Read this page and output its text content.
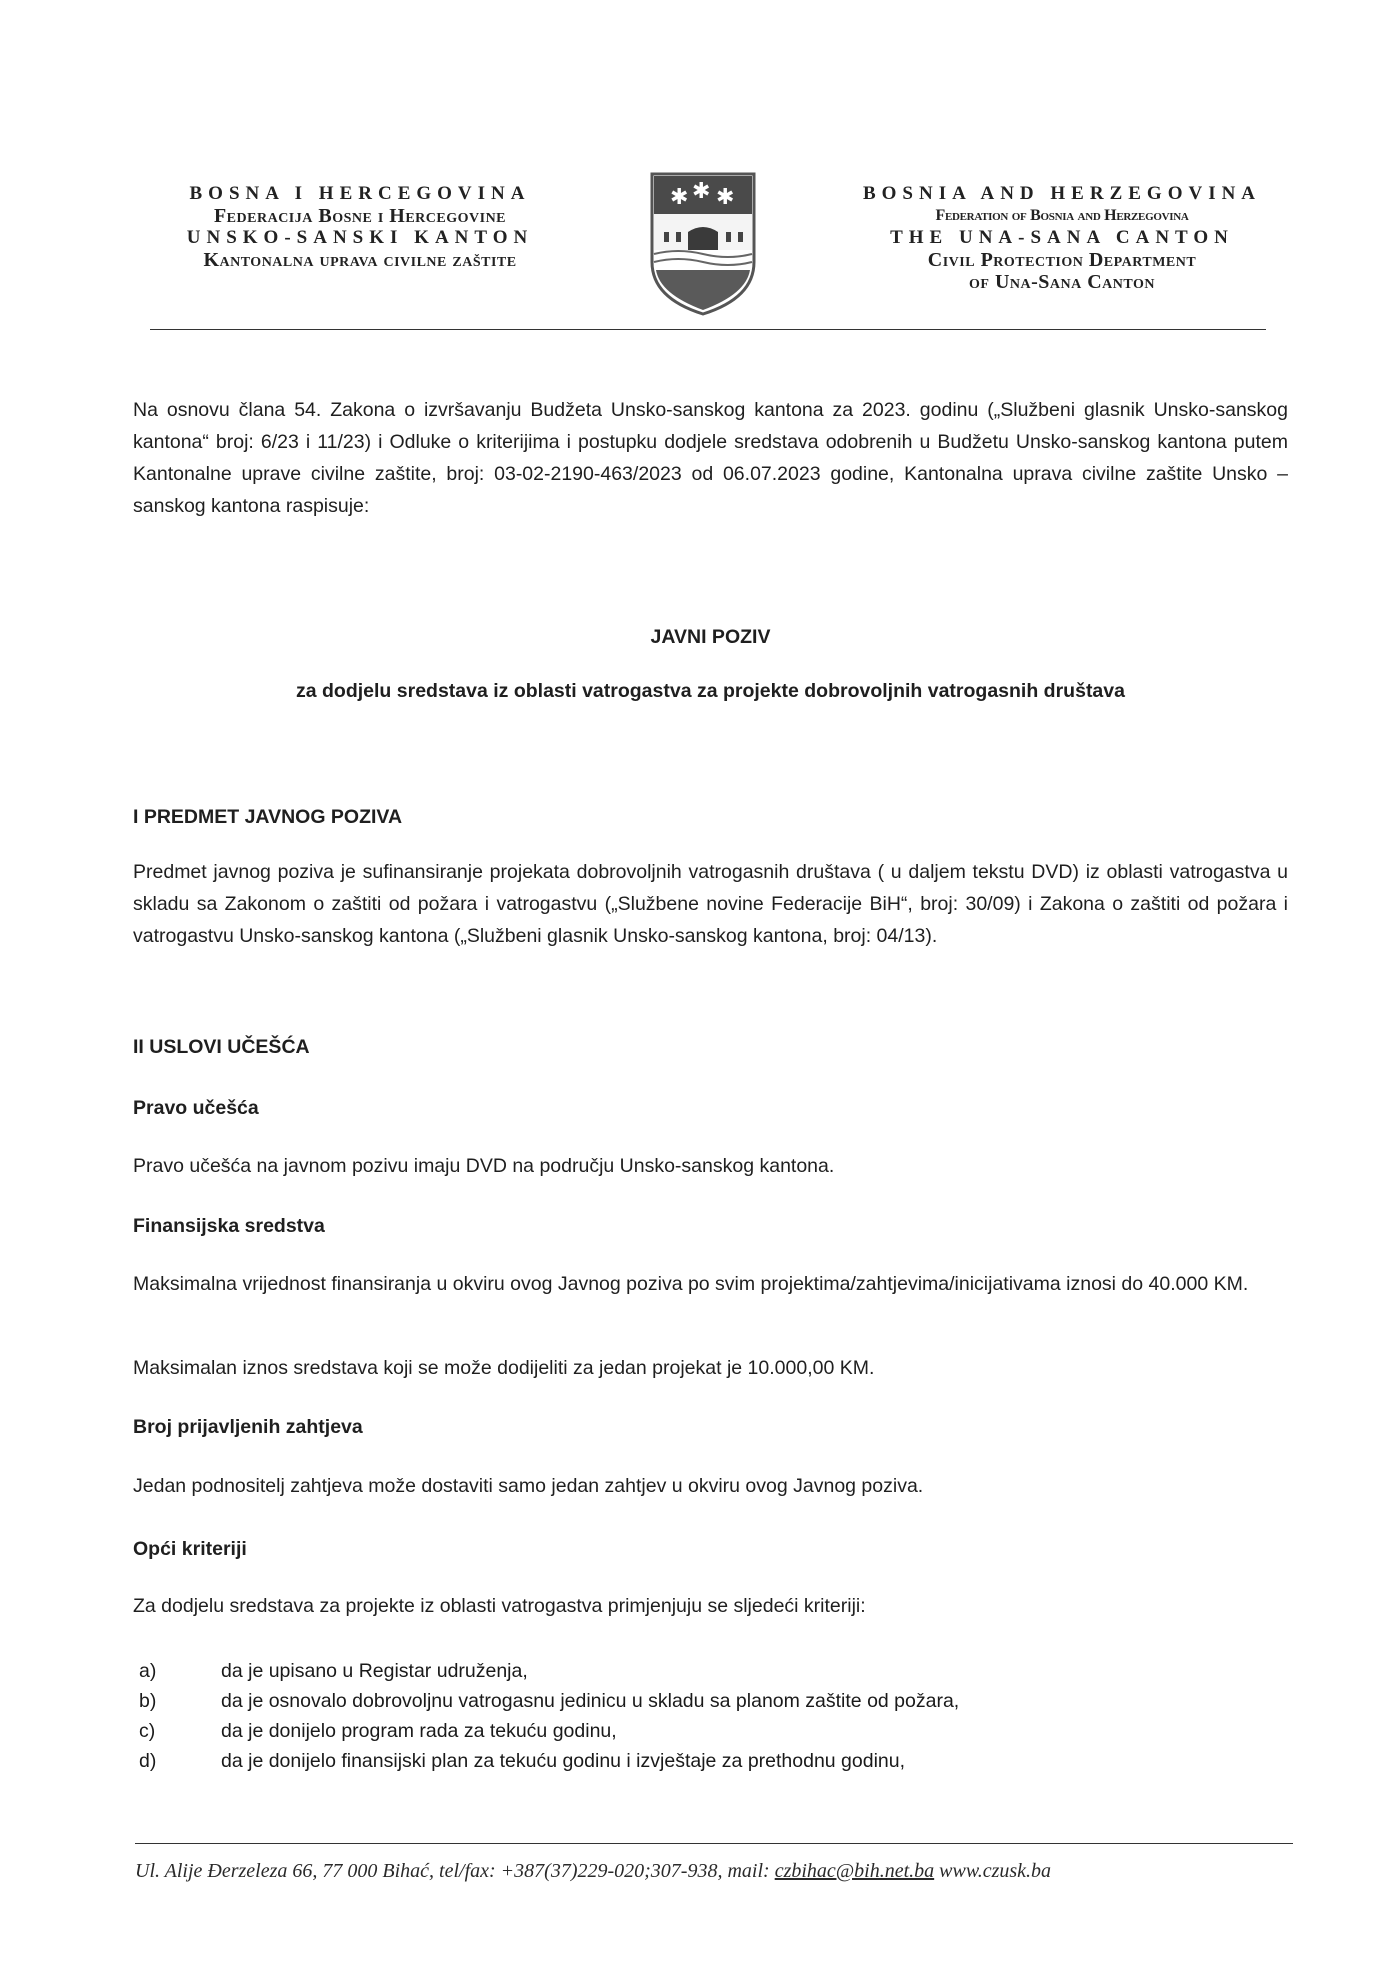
BOSNA I HERCEGOVINA
Federacija Bosne i Hercegovine
UNSKO-SANSKI KANTON
Kantonalna uprava civilne zaštite
✱ ✱ ✱	BOSNIA AND HERZEGOVINA
Federation of Bosnia and Herzegovina
THE UNA-SANA CANTON
Civil Protection Department
of Una-Sana Canton
Na osnovu člana 54. Zakona o izvršavanju Budžeta Unsko-sanskog kantona za 2023. godinu („Službeni glasnik Unsko-sanskog kantona“ broj: 6/23 i 11/23) i Odluke o kriterijima i postupku dodjele sredstava odobrenih u Budžetu Unsko-sanskog kantona putem Kantonalne uprave civilne zaštite, broj: 03-02-2190-463/2023 od 06.07.2023 godine, Kantonalna uprava civilne zaštite Unsko – sanskog kantona raspisuje:
JAVNI POZIV
za dodjelu sredstava iz oblasti vatrogastva za projekte dobrovoljnih vatrogasnih društava
I PREDMET JAVNOG POZIVA
Predmet javnog poziva je sufinansiranje projekata dobrovoljnih vatrogasnih društava ( u daljem tekstu DVD) iz oblasti vatrogastva u skladu sa Zakonom o zaštiti od požara i vatrogastvu („Službene novine Federacije BiH“, broj: 30/09) i Zakona o zaštiti od požara i vatrogastvu Unsko-sanskog kantona („Službeni glasnik Unsko-sanskog kantona, broj: 04/13).
II USLOVI UČEŠĆA
Pravo učešća
Pravo učešća na javnom pozivu imaju DVD na području Unsko-sanskog kantona.
Finansijska sredstva
Maksimalna vrijednost finansiranja u okviru ovog Javnog poziva po svim projektima/zahtjevima/inicijativama iznosi do 40.000 KM.
Maksimalan iznos sredstava koji se može dodijeliti za jedan projekat je 10.000,00 KM.
Broj prijavljenih zahtjeva
Jedan podnositelj zahtjeva može dostaviti samo jedan zahtjev u okviru ovog Javnog poziva.
Opći kriteriji
Za dodjelu sredstava za projekte iz oblasti vatrogastva primjenjuju se sljedeći kriteriji:
a)	da je upisano u Registar udruženja,
b)	da je osnovalo dobrovoljnu vatrogasnu jedinicu u skladu sa planom zaštite od požara,
c)	da je donijelo program rada za tekuću godinu,
d)	da je donijelo finansijski plan za tekuću godinu i izvještaje za prethodnu godinu,
Ul. Alije Đerzeleza 66, 77 000 Bihać, tel/fax: +387(37)229-020;307-938, mail: czbihac@bih.net.ba www.czusk.ba
